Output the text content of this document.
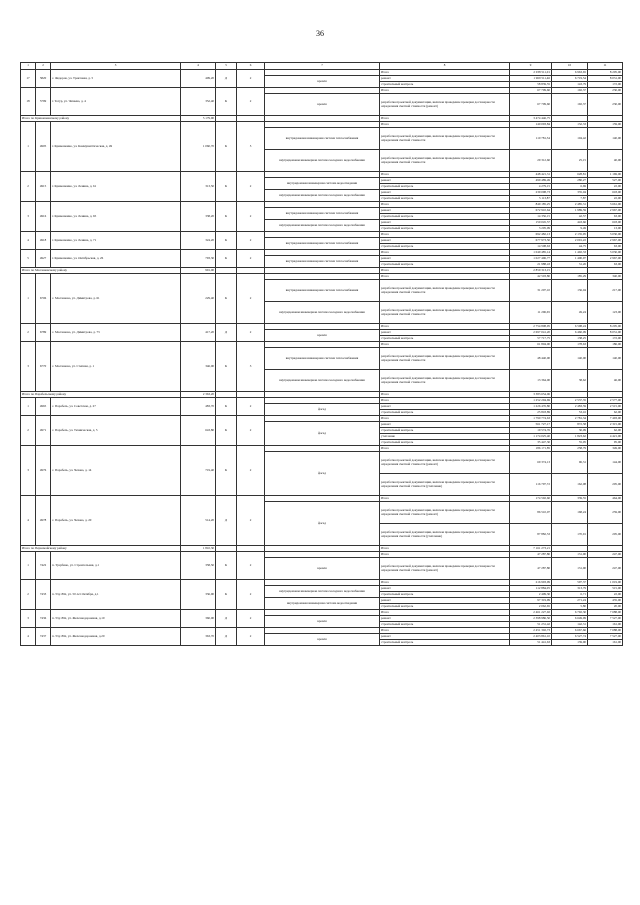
36
1	2	3	4	5	6	7	8	9	10	11
17	5820	с. Федоров, ул. Трактовая, д. 5	409,20	Д	2		Итого	2 038 511,01	6 963,65	8 205,00
						кровля	ремонт	1 969 511,46	6 719,54	8 031,00
							строительный контроль	58 839,55	143,79	172,00
18	5799	г. Тогур, ул. Чапаева, д. 4	352,40	К	2		Итого	67 709,60	192,37	230,00
						кровля	разработка проектной документации, включая проведение проверки достоверности определения сметной стоимости (ремонт)	67 709,60	192,37	230,00
Итого по Кривошеинскому району			5 179,90				Итого	3 474 446,75		
1	4905	г. Кривошеино, ул. Коммунистическая, д. 49	1 060,70	К	5		Итого	140 093,84	132,33	159,00
						внутридомовая инженерная система теплоснабжения	разработка проектной документации, включая проведение проверки достоверности определения сметной стоимости	110 781,34	104,42	140,00
						внутридомовая инженерная система холодного водоснабжения	разработка проектной документации, включая проведение проверки достоверности определения сметной стоимости	29 312,60	25,15	40,00
2	4915	г. Кривошеино, ул. Ленина, д. 61	313,50	К	2		Итого	448 421,31	628,81	1 169,00
						внутридомовая инженерная система водоотведения	ремонт	499 489,49	280,27	527,00
							строительный контроль	4 279,15	6,69	22,00
						внутридомовая инженерная система холодного водоснабжения	ремонт	239 098,73	335,04	618,00
							строительный контроль	5 113,87	7,87	22,00
3	4916	г. Кривошеино, ул. Ленина, д. 65	338,20	К	2		Итого	849 185,25	2 485,31	3 661,00
						внутридомовая инженерная система теплоснабжения	ремонт	672 910,64	1 989,59	2 967,00
							строительный контроль	14 356,15	42,57	63,00
						внутридомовая инженерная система холодного водоснабжения	ремонт	150 045,57	443,66	618,00
							строительный контроль	3 205,09	9,49	13,00
4	4918	г. Кривошеино, ул. Ленина, д. 71	324,20	К	2		Итого	692 482,13	2 135,95	3 030,00
						внутридомовая инженерная система теплоснабжения	ремонт	677 973,50	2 091,22	2 967,00
							строительный контроль	14 508,63	44,75	63,00
5	4927	г. Кривошеино, ул. Октябрьская, д. 26	793,30	К	2		Итого	1 049 485,14	1 492,33	3 030,00
						внутридомовая инженерная система теплоснабжения	ремонт	1 027 496,77	1 400,97	2 967,00
							строительный контроль	21 988,43	31,26	63,00
Итого по Молчановскому району			991,00				Итого	2 859 313,15		
1	6706	с. Молчаново, ул. Димитрова, д. 61	229,40	К	2		Итого	42 503,80	185,29	340,00
						внутридомовая инженерная система теплоснабжения	разработка проектной документации, включая проведение проверки достоверности определения сметной стоимости	31 207,10	136,04	217,00
						внутридомовая инженерная система холодного водоснабжения	разработка проектной документации, включая проведение проверки достоверности определения сметной стоимости	11 296,65	49,24	123,00
2	6789	с. Молчаново, ул. Димитрова, д. 73	417,20	Д	2		Итого	2 754 808,95	6 598,24	8 205,00
						кровля	ремонт	2 697 041,20	6 460,09	8 031,00
							строительный контроль	57 717,75	138,25	172,00
3	6770	с. Молчаново, ул. Степная, д. 1	346,00	К	3		Итого	61 804,00	178,63	186,00
						внутридомовая инженерная система теплоснабжения	разработка проектной документации, включая проведение проверки достоверности определения сметной стоимости	48 440,00	140,00	140,00
						внутридомовая инженерная система холодного водоснабжения	разработка проектной документации, включая проведение проверки достоверности определения сметной стоимости	13 364,00	38,62	46,00
Итого по Парабельскому району			2 363,20				Итого	3 383 654,06		
1	4965	с. Парабель, ул. Советская, д. 27	483,70	К	2		Итого	1 252 294,69	2 537,35	2 577,00
						фасад	ремонт	1 226 476,80	2 483,59	2 515,00
							строительный контроль	25 818,89	53,16	62,00
2	4971	с. Парабель, ул. Техническая, д. 5	643,80	К	2		Итого	1 790 774,63	2 781,34	7 493,00
						фасад	ремонт	561 727,17	872,58	2 315,00
							строительный контроль	19 574,76	30,09	62,00
							утепление	1 174 025,40	1 823,62	4 421,00
							строительный контроль	35 447,30	55,05	95,00
3	4976	с. Парабель, ул. Чехова, д. 14	719,40	К	2		Итого	186 171,85	258,79	349,00
						фасад	разработка проектной документации, включая проведение проверки достоверности определения сметной стоимости (ремонт)	69 374,13	96,31	144,00
							разработка проектной документации, включая проведение проверки достоверности определения сметной стоимости (утепление)	116 797,72	162,08	205,00
4	4978	с. Парабель, ул. Чехова, д. 20	514,20	Д	2		Итого	174 592,60	339,55	464,00
						фасад	разработка проектной документации, включая проведение проверки достоверности определения сметной стоимости (ремонт)	86 510,07	168,24	259,00
							разработка проектной документации, включая проведение проверки достоверности определения сметной стоимости (утепление)	87 882,53	170,91	205,00
Итого по Первомайскому району			1 810,30				Итого	7 161 273,21		
1	7422	п. Туербино, ул. Строительная, д.1	358,50	К	2		Итого	47 287,80	131,90	247,00
						кровля	разработка проектной документации, включая проведение проверки достоверности определения сметной стоимости (ремонт)	47 287,80	131,90	247,00
2	7433	п. Улу-Юл, ул. 50 лет Октября, д.1	336,90	К	2		Итого	216 993,99	597,37	1 019,00
						внутридомовая инженерная система холодного водоснабжения	ремонт	112 884,05	313,79	515,00
							строительный контроль	2 409,30	6,71	22,00
						внутридомовая инженерная система водоотведения	ремонт	97 319,99	271,24	435,00
							строительный контроль	2 062,65	5,80	20,00
3	7436	п. Улу-Юл, ул. Железнодорожная, д.10	360,00	Д	2		Итого	2 461 227,92	6 792,30	7 688,00
						кровля	ремонт	2 398 986,50	6 649,99	7 527,00
							строительный контроль	51 231,42	142,31	161,00
4	7437	п. Улу-Юл, ул. Железнодорожная, д.20	363,70	Д	2		Итого	2 451 302,73	6 667,66	7 688,00
						кровля	ремонт	2 403 861,10	6 527,74	7 527,00
							строительный контроль	51 441,63	139,90	161,00
